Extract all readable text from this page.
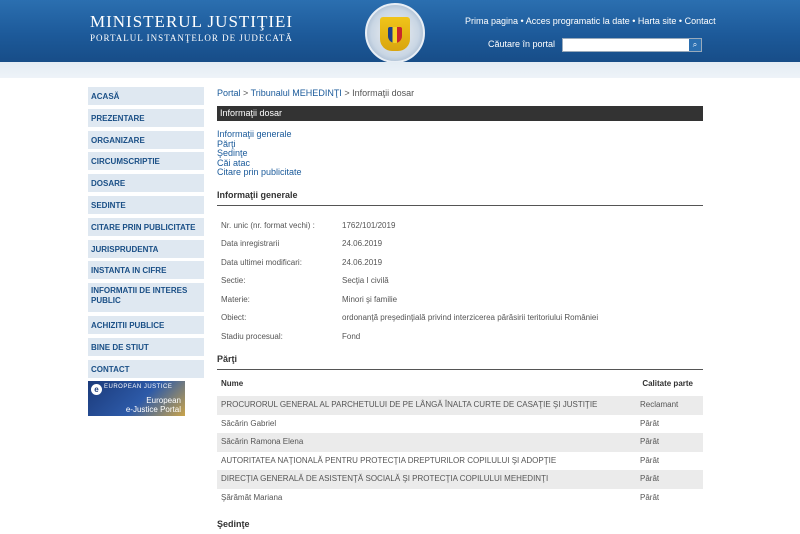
MINISTERUL JUSTIŢIEI
PORTALUL INSTANŢELOR DE JUDECATĂ
Prima pagina • Acces programatic la date • Harta site • Contact
Căutare în portal	⌕
ACASĂ
PREZENTARE
ORGANIZARE
CIRCUMSCRIPTIE
DOSARE
SEDINTE
CITARE PRIN PUBLICITATE
JURISPRUDENTA
INSTANTA IN CIFRE
INFORMATII DE INTERES PUBLIC
ACHIZITII PUBLICE
BINE DE STIUT
CONTACT
e EUROPEAN JUSTICE
European
e-Justice Portal
Portal > Tribunalul MEHEDINŢI > Informaţii dosar
Informaţii dosar
Informaţii generale
Părţi
Şedinţe
Căi atac
Citare prin publicitate
Informaţii generale
Nr. unic (nr. format vechi) :	1762/101/2019
Data inregistrarii	24.06.2019
Data ultimei modificari:	24.06.2019
Sectie:	Secţia I civilă
Materie:	Minori şi familie
Obiect:	ordonanţă preşedinţială privind interzicerea părăsirii teritoriului României
Stadiu procesual:	Fond
Părţi
Nume	Calitate parte
PROCURORUL GENERAL AL PARCHETULUI DE PE LÂNGĂ ÎNALTA CURTE DE CASAŢIE ŞI JUSTIŢIE	Reclamant
Săcărin Gabriel	Pârât
Săcărin Ramona Elena	Pârât
AUTORITATEA NAŢIONALĂ PENTRU PROTECŢIA DREPTURILOR COPILULUI ŞI ADOPŢIE	Pârât
DIRECŢIA GENERALĂ DE ASISTENŢĂ SOCIALĂ ŞI PROTECŢIA COPILULUI MEHEDINŢI	Pârât
Şărămăt Mariana	Pârât
Şedinţe
